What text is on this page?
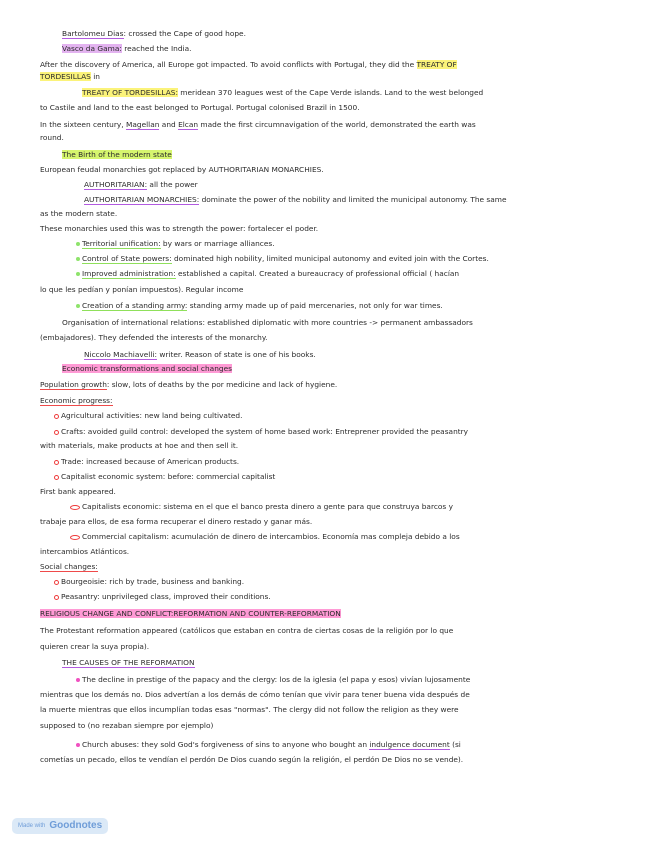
Bartolomeu Dias: crossed the Cape of good hope.
Vasco da Gama: reached the India.
After the discovery of America, all Europe got impacted. To avoid conflicts with Portugal, they did the TREATY OF
TORDESILLAS in
TREATY OF TORDESILLAS: meridean 370 leagues west of the Cape Verde islands. Land to the west belonged
to Castile and land to the east belonged to Portugal. Portugal colonised Brazil in 1500.
In the sixteen century, Magellan and Elcan made the first circumnavigation of the world, demonstrated the earth was
round.
The Birth of the modern state
European feudal monarchies got replaced by AUTHORITARIAN MONARCHIES.
AUTHORITARIAN: all the power
AUTHORITARIAN MONARCHIES: dominate the power of the nobility and limited the municipal autonomy. The same
as the modern state.
These monarchies used this was to strength the power: fortalecer el poder.
Territorial unification: by wars or marriage alliances.
Control of State powers: dominated high nobility, limited municipal autonomy and evited join with the Cortes.
Improved administration: established a capital. Created a bureaucracy of professional official ( hacían
lo que les pedían y ponían impuestos). Regular income
Creation of a standing army: standing army made up of paid mercenaries, not only for war times.
Organisation of international relations: established diplomatic with more countries -> permanent ambassadors
(embajadores). They defended the interests of the monarchy.
Niccolo Machiavelli: writer. Reason of state is one of his books.
Economic transformations and social changes
Population growth: slow, lots of deaths by the por medicine and lack of hygiene.
Economic progress:
Agricultural activities: new land being cultivated.
Crafts: avoided guild control: developed the system of home based work: Entreprener provided the peasantry
with materials, make products at hoe and then sell it.
Trade: increased because of American products.
Capitalist economic system: before: commercial capitalist
First bank appeared.
Capitalists economic: sistema en el que el banco presta dinero a gente para que construya barcos y
trabaje para ellos, de esa forma recuperar el dinero restado y ganar más.
Commercial capitalism: acumulación de dinero de intercambios. Economía mas compleja debido a los
intercambios Atlánticos.
Social changes:
Bourgeoisie: rich by trade, business and banking.
Peasantry: unprivileged class, improved their conditions.
RELIGIOUS CHANGE AND CONFLICT:REFORMATION AND COUNTER-REFORMATION
The Protestant reformation appeared (católicos que estaban en contra de ciertas cosas de la religión por lo que
quieren crear la suya propia).
THE CAUSES OF THE REFORMATION
The decline in prestige of the papacy and the clergy: los de la iglesia (el papa y esos) vivían lujosamente
mientras que los demás no. Dios advertían a los demás de cómo tenían que vivir para tener buena vida después de
la muerte mientras que ellos incumplían todas esas "normas". The clergy did not follow the religion as they were
supposed to (no rezaban siempre por ejemplo)
Church abuses: they sold God's forgiveness of sins to anyone who bought an indulgence document (si
cometías un pecado, ellos te vendían el perdón De Dios cuando según la religión, el perdón De Dios no se vende).
Made with Goodnotes
